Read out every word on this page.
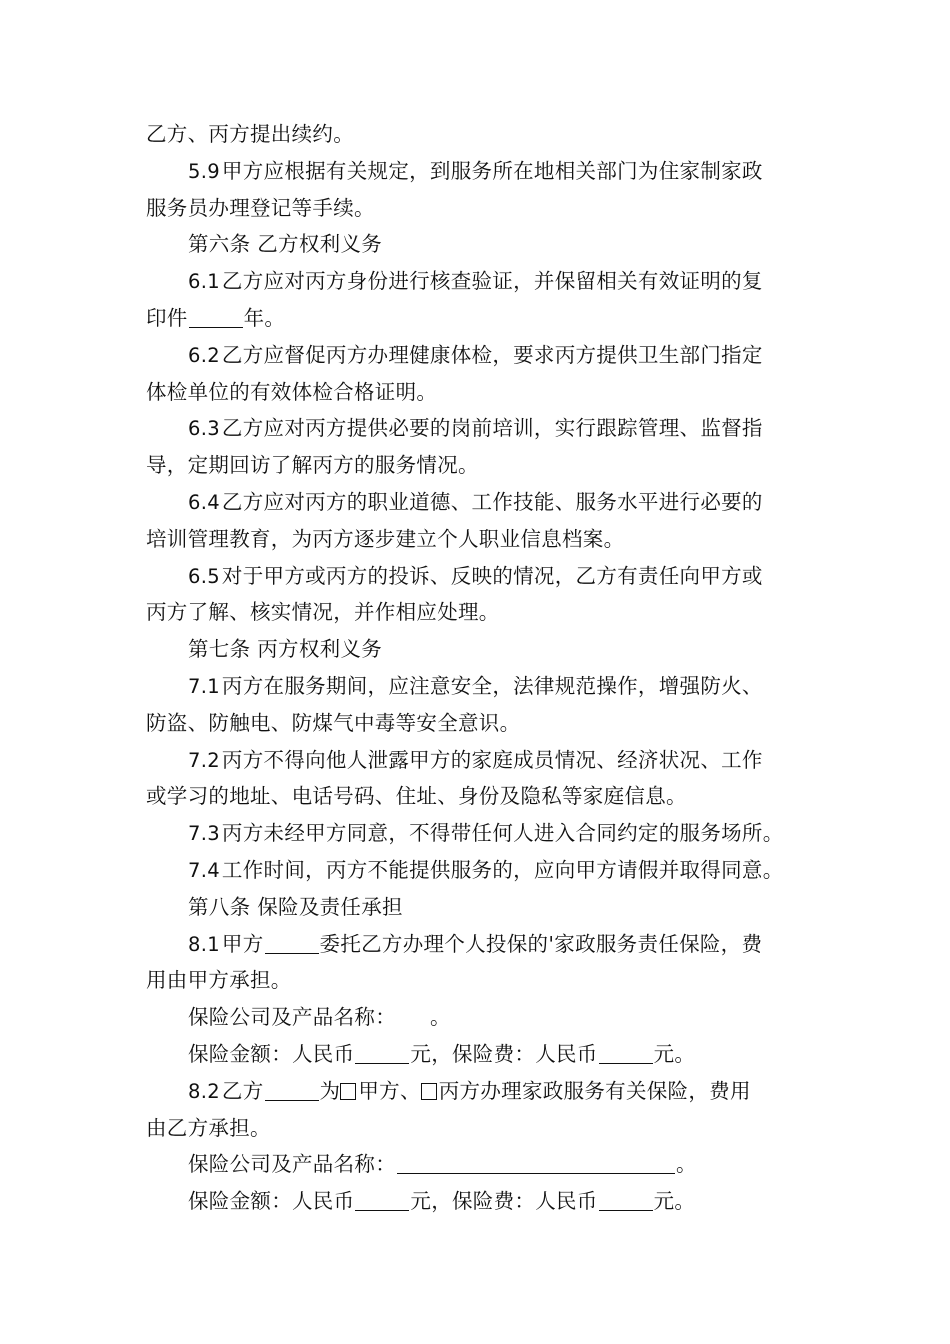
乙方、丙方提出续约。
5.9甲方应根据有关规定，到服务所在地相关部门为住家制家政
服务员办理登记等手续。
第六条 乙方权利义务
6.1乙方应对丙方身份进行核查验证，并保留相关有效证明的复
印件	年。
6.2乙方应督促丙方办理健康体检，要求丙方提供卫生部门指定
体检单位的有效体检合格证明。
6.3乙方应对丙方提供必要的岗前培训，实行跟踪管理、监督指
导，定期回访了解丙方的服务情况。
6.4乙方应对丙方的职业道德、工作技能、服务水平进行必要的
培训管理教育，为丙方逐步建立个人职业信息档案。
6.5对于甲方或丙方的投诉、反映的情况，乙方有责任向甲方或
丙方了解、核实情况，并作相应处理。
第七条 丙方权利义务
7.1丙方在服务期间，应注意安全，法律规范操作，增强防火、
防盗、防触电、防煤气中毒等安全意识。
7.2丙方不得向他人泄露甲方的家庭成员情况、经济状况、工作
或学习的地址、电话号码、住址、身份及隐私等家庭信息。
7.3丙方未经甲方同意，不得带任何人进入合同约定的服务场所。
7.4工作时间，丙方不能提供服务的，应向甲方请假并取得同意。
第八条 保险及责任承担
8.1甲方	委托乙方办理个人投保的'家政服务责任保险，费
用由甲方承担。
保险公司及产品名称： 。
保险金额：人民币	元，保险费：人民币	元。
8.2乙方	为 甲方、 丙方办理家政服务有关保险，费用
由乙方承担。
保险公司及产品名称：	。
保险金额：人民币	元，保险费：人民币	元。
